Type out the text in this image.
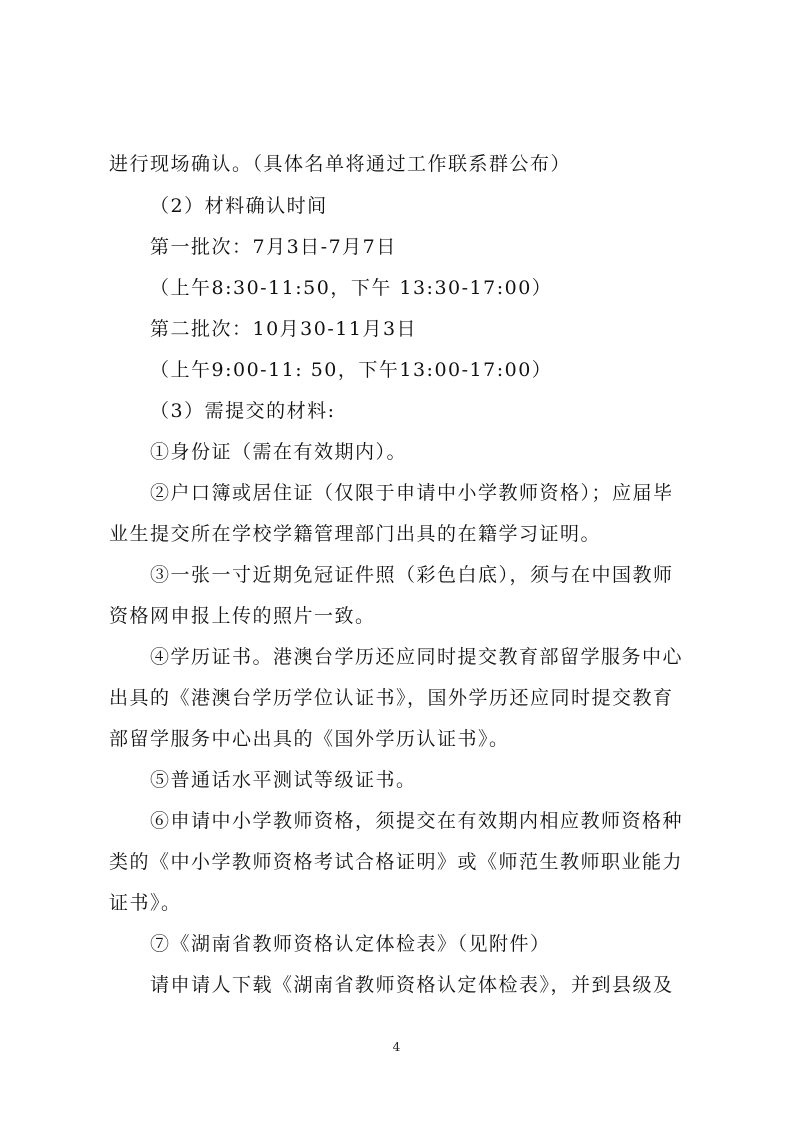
进行现场确认。（具体名单将通过工作联系群公布）
（2）材料确认时间
第一批次：7月3日-7月7日
（上午8:30-11:50，下午 13:30-17:00）
第二批次：10月30-11月3日
（上午9:00-11: 50，下午13:00-17:00）
（3）需提交的材料:
①身份证（需在有效期内）。
②户口簿或居住证（仅限于申请中小学教师资格）；应届毕
业生提交所在学校学籍管理部门出具的在籍学习证明。
③一张一寸近期免冠证件照（彩色白底），须与在中国教师
资格网申报上传的照片一致。
④学历证书。港澳台学历还应同时提交教育部留学服务中心
出具的《港澳台学历学位认证书》，国外学历还应同时提交教育
部留学服务中心出具的《国外学历认证书》。
⑤普通话水平测试等级证书。
⑥申请中小学教师资格，须提交在有效期内相应教师资格种
类的《中小学教师资格考试合格证明》或《师范生教师职业能力
证书》。
⑦《湖南省教师资格认定体检表》（见附件）
请申请人下载《湖南省教师资格认定体检表》，并到县级及
4
